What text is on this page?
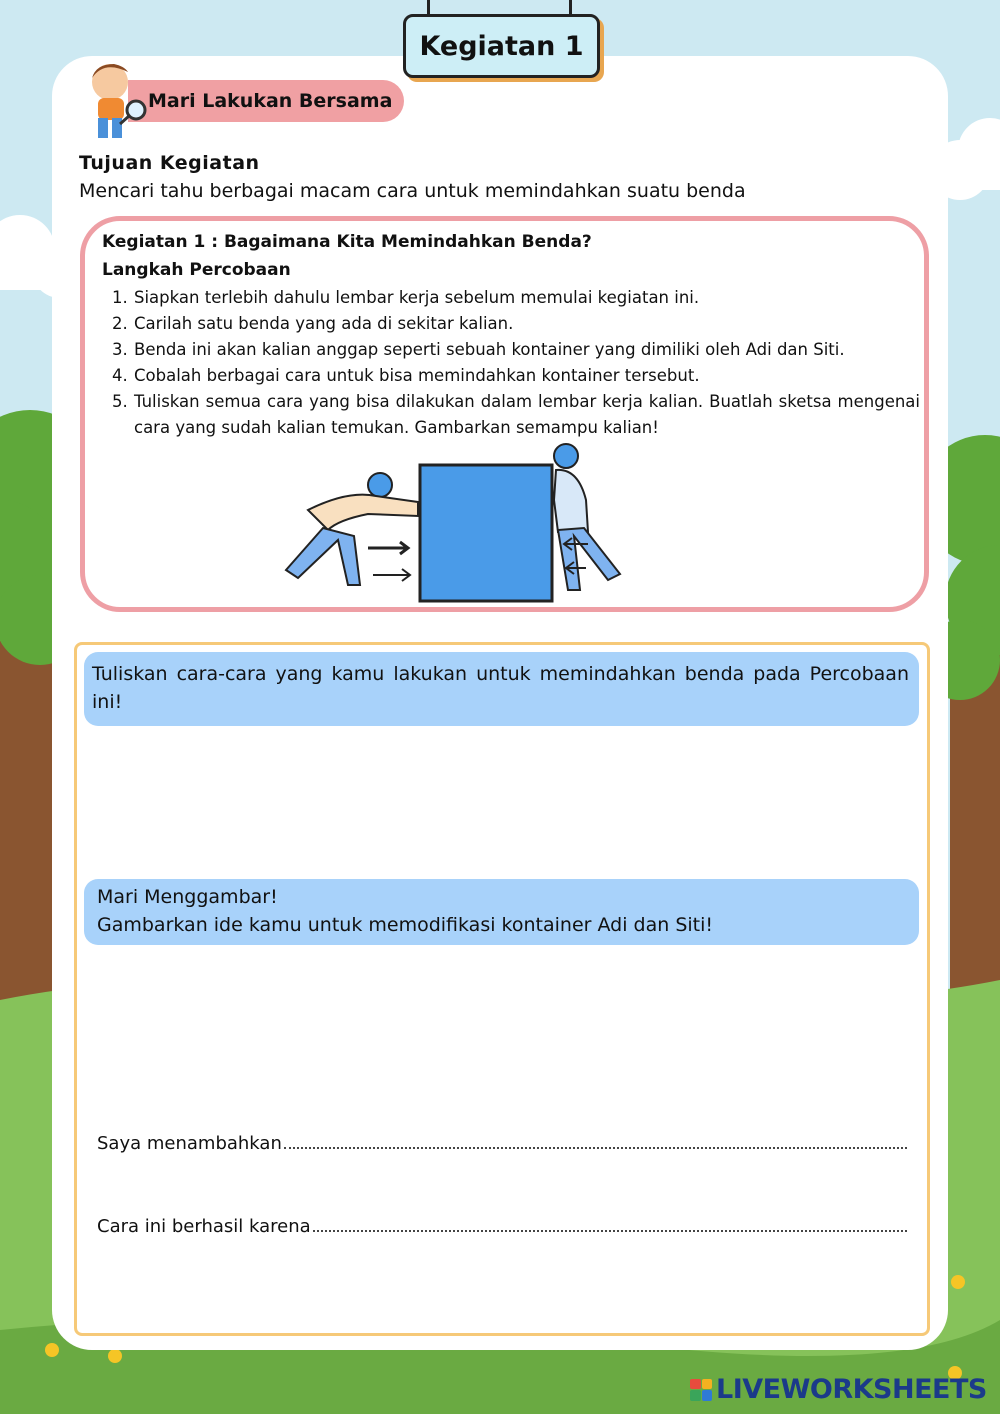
Kegiatan 1
Mari Lakukan Bersama
Tujuan Kegiatan
Mencari tahu berbagai macam cara untuk memindahkan suatu benda
Kegiatan 1 : Bagaimana Kita Memindahkan Benda?
Langkah Percobaan
1. Siapkan terlebih dahulu lembar kerja sebelum memulai kegiatan ini.
2. Carilah satu benda yang ada di sekitar kalian.
3. Benda ini akan kalian anggap seperti sebuah kontainer yang dimiliki oleh Adi dan Siti.
4. Cobalah berbagai cara untuk bisa memindahkan kontainer tersebut.
5. Tuliskan semua cara yang bisa dilakukan dalam lembar kerja kalian. Buatlah sketsa mengenai cara yang sudah kalian temukan. Gambarkan semampu kalian!
Tuliskan cara-cara yang kamu lakukan untuk memindahkan benda pada Percobaan ini!
Mari Menggambar!
Gambarkan ide kamu untuk memodifikasi kontainer Adi dan Siti!
Saya menambahkan
Cara ini berhasil karena
LIVEWORKSHEETS
